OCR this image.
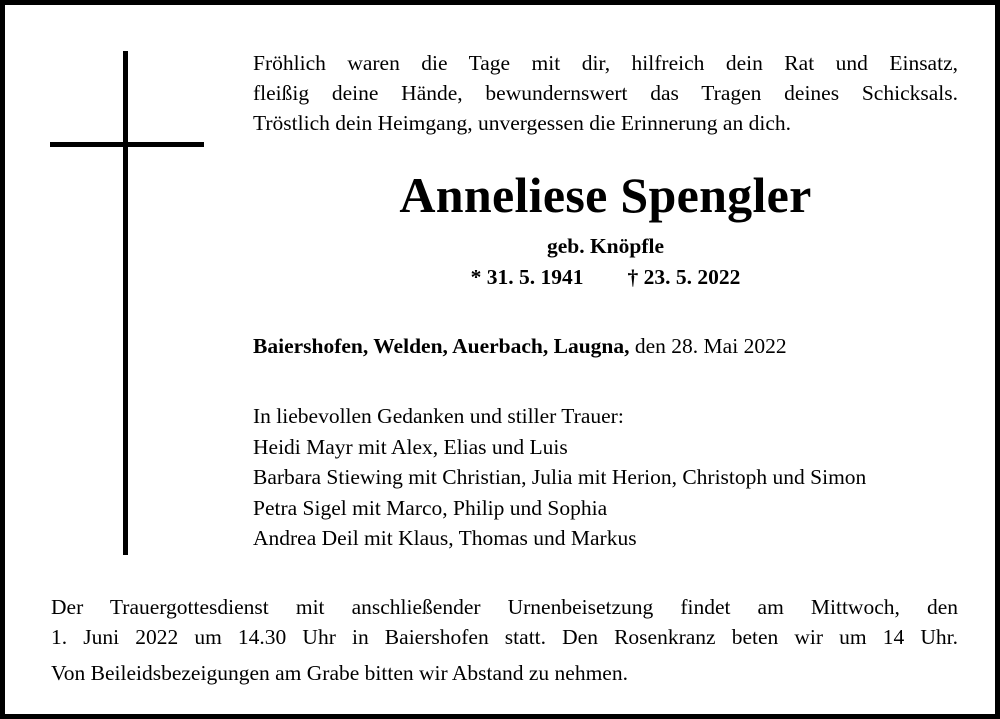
Fröhlich waren die Tage mit dir, hilfreich dein Rat und Einsatz,
fleißig deine Hände, bewundernswert das Tragen deines Schicksals.
Tröstlich dein Heimgang, unvergessen die Erinnerung an dich.
Anneliese Spengler
geb. Knöpfle
* 31. 5. 1941 † 23. 5. 2022
Baiershofen, Welden, Auerbach, Laugna, den 28. Mai 2022
In liebevollen Gedanken und stiller Trauer:
Heidi Mayr mit Alex, Elias und Luis
Barbara Stiewing mit Christian, Julia mit Herion, Christoph und Simon
Petra Sigel mit Marco, Philip und Sophia
Andrea Deil mit Klaus, Thomas und Markus
Der Trauergottesdienst mit anschließender Urnenbeisetzung findet am Mittwoch, den
1. Juni 2022 um 14.30 Uhr in Baiershofen statt. Den Rosenkranz beten wir um 14 Uhr.
Von Beileidsbezeigungen am Grabe bitten wir Abstand zu nehmen.
